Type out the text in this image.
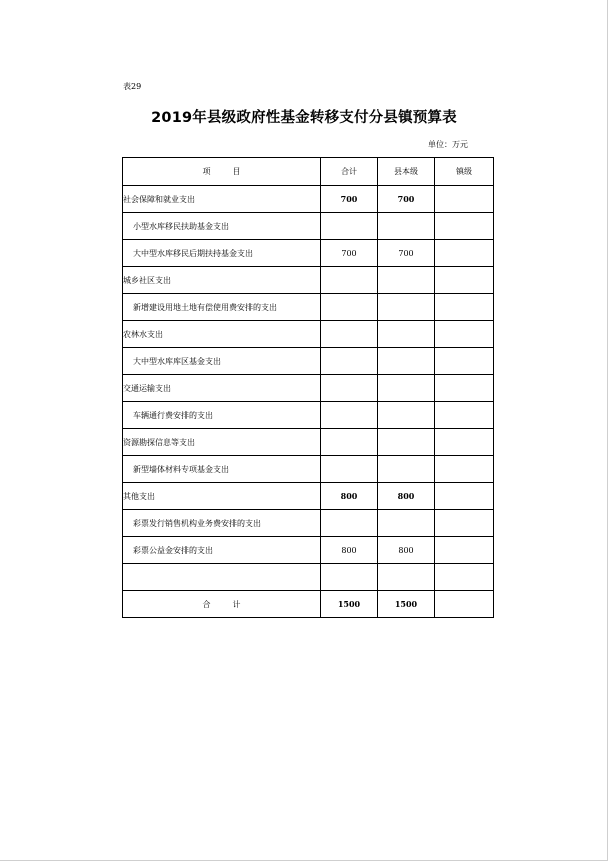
表29
2019年县级政府性基金转移支付分县镇预算表
单位：万元
项 目	合计	县本级	镇级
社会保障和就业支出	700	700	
小型水库移民扶助基金支出			
大中型水库移民后期扶持基金支出	700	700	
城乡社区支出			
新增建设用地土地有偿使用费安排的支出			
农林水支出			
大中型水库库区基金支出			
交通运输支出			
车辆通行费安排的支出			
资源勘探信息等支出			
新型墙体材料专项基金支出			
其他支出	800	800	
彩票发行销售机构业务费安排的支出			
彩票公益金安排的支出	800	800	

合 计	1500	1500	
